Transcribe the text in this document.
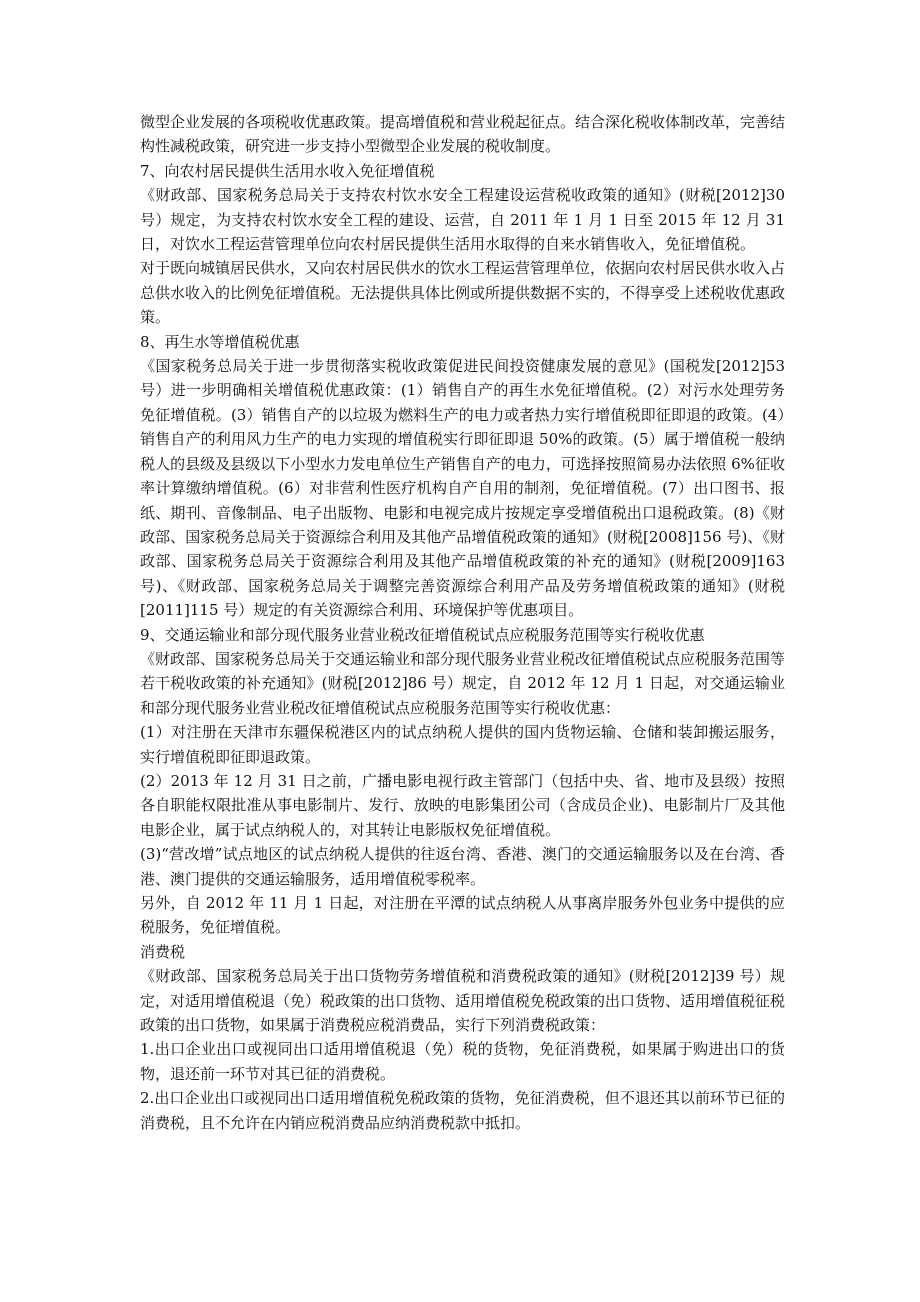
微型企业发展的各项税收优惠政策。提高增值税和营业税起征点。结合深化税收体制改革，完善结构性减税政策，研究进一步支持小型微型企业发展的税收制度。

7、向农村居民提供生活用水收入免征增值税

《财政部、国家税务总局关于支持农村饮水安全工程建设运营税收政策的通知》(财税[2012]30 号）规定，为支持农村饮水安全工程的建设、运营，自 2011 年 1 月 1 日至 2015 年 12 月 31 日，对饮水工程运营管理单位向农村居民提供生活用水取得的自来水销售收入，免征增值税。

对于既向城镇居民供水，又向农村居民供水的饮水工程运营管理单位，依据向农村居民供水收入占总供水收入的比例免征增值税。无法提供具体比例或所提供数据不实的，不得享受上述税收优惠政策。

8、再生水等增值税优惠

《国家税务总局关于进一步贯彻落实税收政策促进民间投资健康发展的意见》(国税发[2012]53 号）进一步明确相关增值税优惠政策：(1）销售自产的再生水免征增值税。(2）对污水处理劳务免征增值税。(3）销售自产的以垃圾为燃料生产的电力或者热力实行增值税即征即退的政策。(4）销售自产的利用风力生产的电力实现的增值税实行即征即退 50%的政策。(5）属于增值税一般纳税人的县级及县级以下小型水力发电单位生产销售自产的电力，可选择按照简易办法依照 6%征收率计算缴纳增值税。(6）对非营利性医疗机构自产自用的制剂，免征增值税。(7）出口图书、报纸、期刊、音像制品、电子出版物、电影和电视完成片按规定享受增值税出口退税政策。(8)《财政部、国家税务总局关于资源综合利用及其他产品增值税政策的通知》(财税[2008]156 号)、《财政部、国家税务总局关于资源综合利用及其他产品增值税政策的补充的通知》(财税[2009]163 号)、《财政部、国家税务总局关于调整完善资源综合利用产品及劳务增值税政策的通知》(财税[2011]115 号）规定的有关资源综合利用、环境保护等优惠项目。

9、交通运输业和部分现代服务业营业税改征增值税试点应税服务范围等实行税收优惠

《财政部、国家税务总局关于交通运输业和部分现代服务业营业税改征增值税试点应税服务范围等若干税收政策的补充通知》(财税[2012]86 号）规定，自 2012 年 12 月 1 日起，对交通运输业和部分现代服务业营业税改征增值税试点应税服务范围等实行税收优惠：

(1）对注册在天津市东疆保税港区内的试点纳税人提供的国内货物运输、仓储和装卸搬运服务，实行增值税即征即退政策。

(2）2013 年 12 月 31 日之前，广播电影电视行政主管部门（包括中央、省、地市及县级）按照各自职能权限批准从事电影制片、发行、放映的电影集团公司（含成员企业)、电影制片厂及其他电影企业，属于试点纳税人的，对其转让电影版权免征增值税。

(3)“营改增”试点地区的试点纳税人提供的往返台湾、香港、澳门的交通运输服务以及在台湾、香港、澳门提供的交通运输服务，适用增值税零税率。

另外，自 2012 年 11 月 1 日起，对注册在平潭的试点纳税人从事离岸服务外包业务中提供的应税服务，免征增值税。

消费税

《财政部、国家税务总局关于出口货物劳务增值税和消费税政策的通知》(财税[2012]39 号）规定，对适用增值税退（免）税政策的出口货物、适用增值税免税政策的出口货物、适用增值税征税政策的出口货物，如果属于消费税应税消费品，实行下列消费税政策：

1.出口企业出口或视同出口适用增值税退（免）税的货物，免征消费税，如果属于购进出口的货物，退还前一环节对其已征的消费税。

2.出口企业出口或视同出口适用增值税免税政策的货物，免征消费税，但不退还其以前环节已征的消费税，且不允许在内销应税消费品应纳消费税款中抵扣。
